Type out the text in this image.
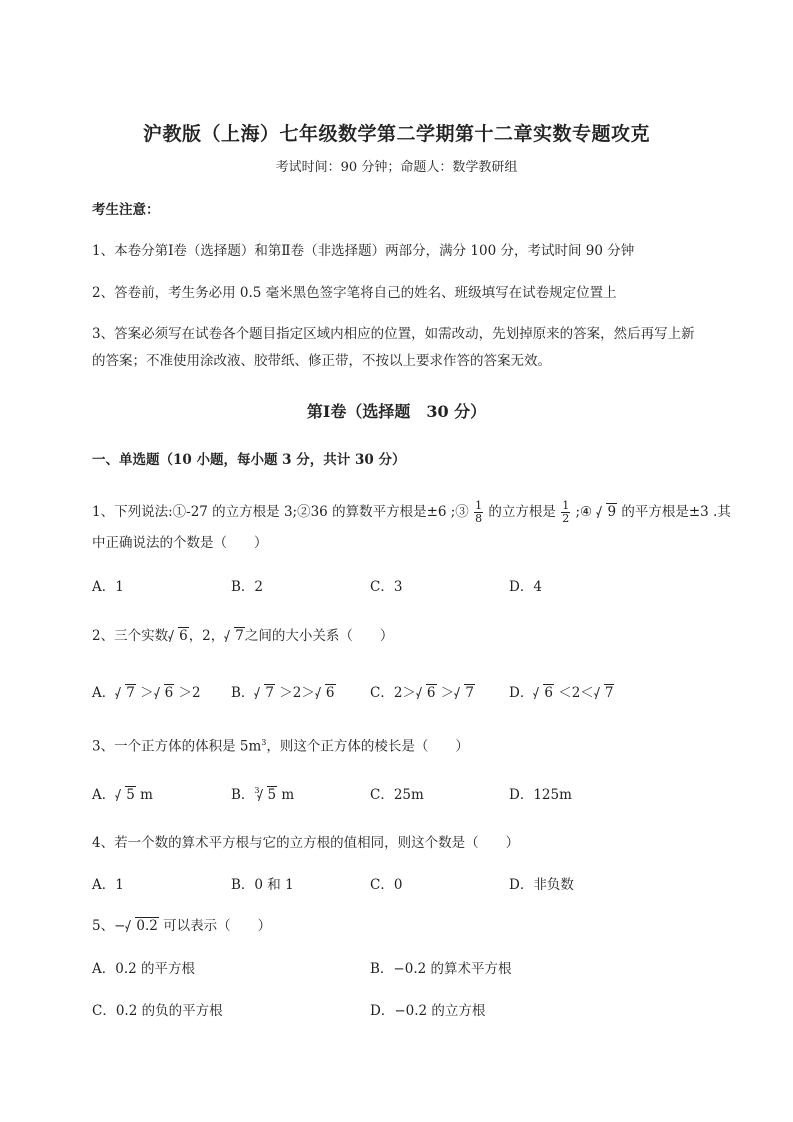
沪教版（上海）七年级数学第二学期第十二章实数专题攻克
考试时间：90 分钟；命题人：数学教研组
考生注意：
1、本卷分第Ⅰ卷（选择题）和第Ⅱ卷（非选择题）两部分，满分 100 分，考试时间 90 分钟
2、答卷前，考生务必用 0.5 毫米黑色签字笔将自己的姓名、班级填写在试卷规定位置上
3、答案必须写在试卷各个题目指定区域内相应的位置，如需改动，先划掉原来的答案，然后再写上新
的答案；不准使用涂改液、胶带纸、修正带，不按以上要求作答的答案无效。
第Ⅰ卷（选择题　30 分）
一、单选题（10 小题，每小题 3 分，共计 30 分）
1、下列说法:①-27 的立方根是 3;②36 的算数平方根是±6 ;③ $\frac{1}{8}$ 的立方根是 $\frac{1}{2}$ ;④ 9 的平方根是±3 .其
中正确说法的个数是（　　）
A．1	B．2	C．3	D．4
2、三个实数 6，2， 7之间的大小关系（　　）
A． 7 ＞ 6 ＞2 B． 7 ＞2＞ 6	C．2＞ 6 ＞ 7	D． 6 ＜2＜ 7
3、一个正方体的体积是 $5m^3$，则这个正方体的棱长是（　　）
A． 5 m	B．$^3$ 5 m	C．25m	D．125m
4、若一个数的算术平方根与它的立方根的值相同，则这个数是（　　）
A．1	B．0 和 1	C．0	D．非负数
5、− 0.2 可以表示（　　）
A．0.2 的平方根	B．−0.2 的算术平方根
C．0.2 的负的平方根	D．−0.2 的立方根
